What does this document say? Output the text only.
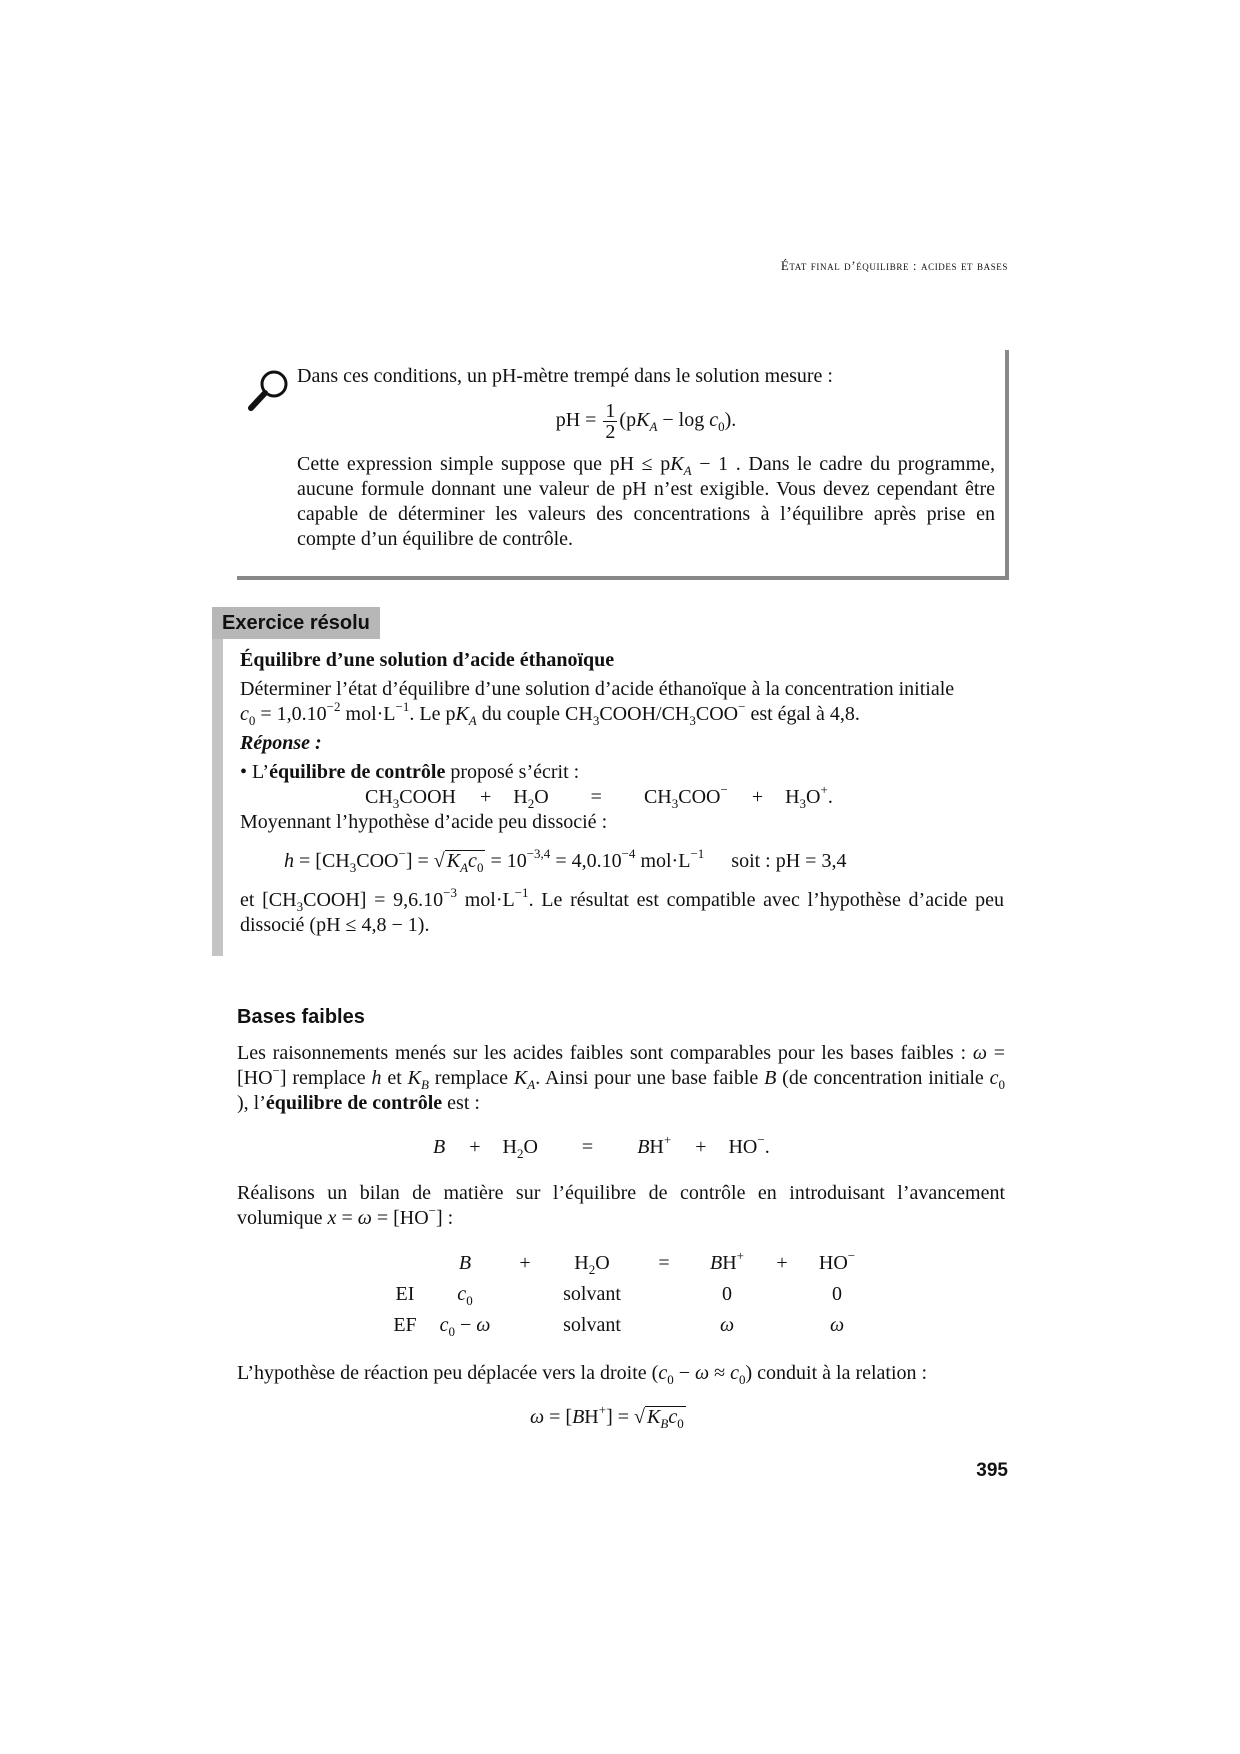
État final d’équilibre : acides et bases
Dans ces conditions, un pH-mètre trempé dans le solution mesure :
pH = $\frac{1}{2} (pK_A - \log c_0)$.
Cette expression simple suppose que pH ≤ $pK_A - 1$ . Dans le cadre du programme, aucune formule donnant une valeur de pH n’est exigible. Vous devez cependant être capable de déterminer les valeurs des concentrations à l’équilibre après prise en compte d’un équilibre de contrôle.
Exercice résolu

Équilibre d’une solution d’acide éthanoïque

Déterminer l’état d’équilibre d’une solution d’acide éthanoïque à la concentration initiale
$c_0 = 1,0.10^{-2}$ $mol\cdot L^{-1}$. Le $pK_A$ du couple $CH_3COOH/CH_3COO^-$ est égal à 4,8.

Réponse :

• L’équilibre de contrôle proposé s’écrit :

$CH_3COOH + H_2O = CH_3COO^- + H_3O^+$.

Moyennant l’hypothèse d’acide peu dissocié :

$h = [CH_3COO^-]$ = √ $K_Ac_0 = 10^{-3,4} = 4,0.10^{-4}$ $mol\cdot L^{-1}$ soit : pH = 3,4

et $[CH_3COOH] = 9,6.10^{-3}$ $mol\cdot L^{-1}$. Le résultat est compatible avec l’hypothèse d’acide peu dissocié (pH ≤ 4,8 − 1).

Bases faibles
Les raisonnements menés sur les acides faibles sont comparables pour les bases faibles : ω = [HO−] remplace h et $K_B$ remplace $K_A$. Ainsi pour une base faible B (de concentration initiale $c_0$ ), l’équilibre de contrôle est :
$B + H_2O = BH^+ + HO^-$.
Réalisons un bilan de matière sur l’équilibre de contrôle en introduisant l’avancement volumique x = ω = [HO−] :
	B	+	$H_2O$	=	BH+	+	HO−
EI	$c_0$		solvant		0		0
EF	$c_0 - \omega$		solvant		ω		ω
L’hypothèse de réaction peu déplacée vers la droite $(c_0 - \omega \approx c_0)$ conduit à la relation :
ω = [BH+] = √ $K_Bc_0$
395
